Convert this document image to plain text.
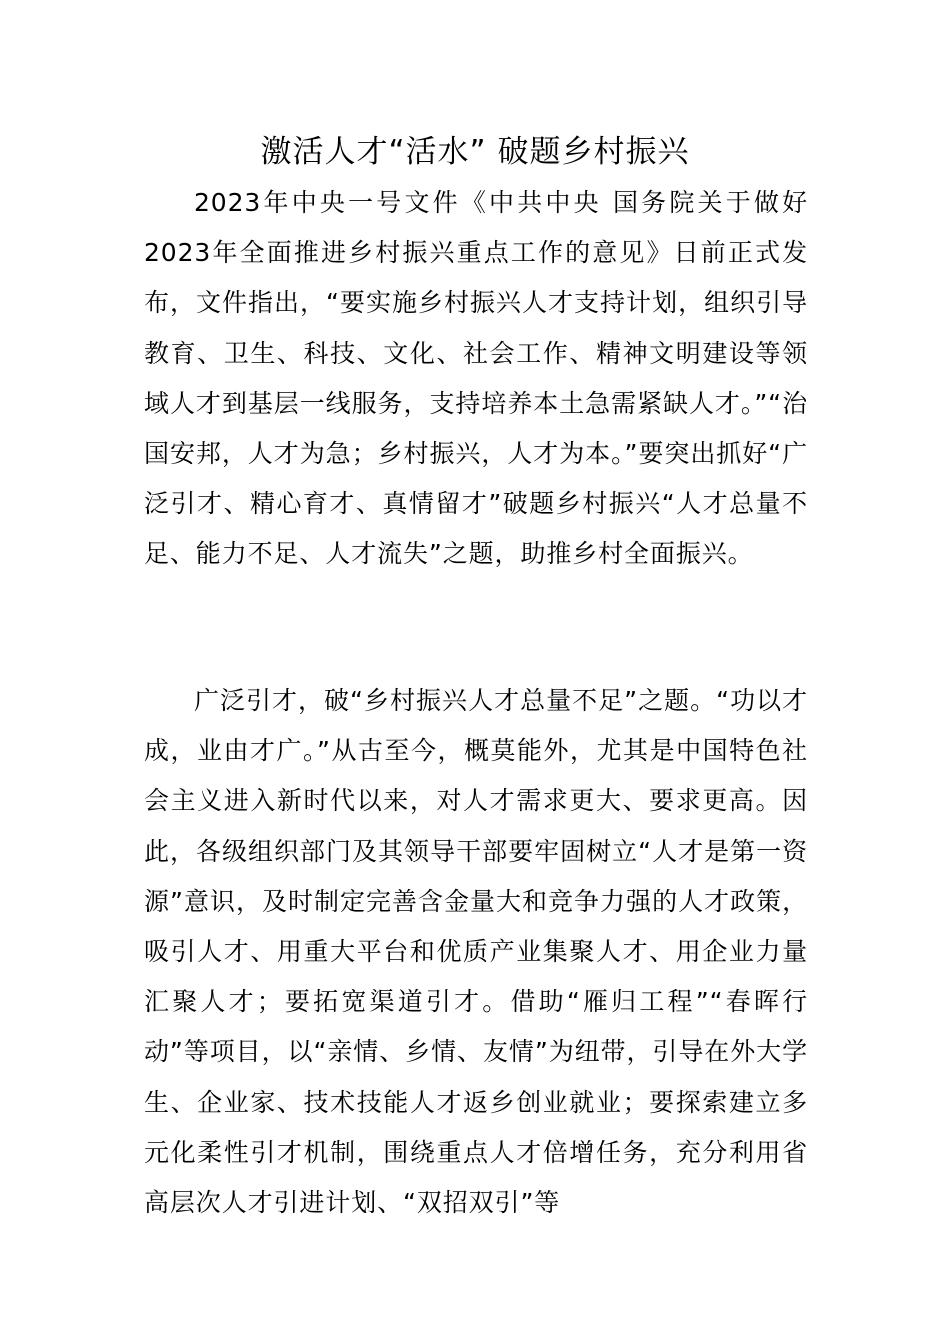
激活人才“活水” 破题乡村振兴

2023年中央一号文件《中共中央 国务院关于做好2023年全面推进乡村振兴重点工作的意见》日前正式发布，文件指出，“要实施乡村振兴人才支持计划，组织引导教育、卫生、科技、文化、社会工作、精神文明建设等领域人才到基层一线服务，支持培养本土急需紧缺人才。”“治国安邦，人才为急；乡村振兴，人才为本。”要突出抓好“广泛引才、精心育才、真情留才”破题乡村振兴“人才总量不足、能力不足、人才流失”之题，助推乡村全面振兴。

广泛引才，破“乡村振兴人才总量不足”之题。“功以才成，业由才广。”从古至今，概莫能外，尤其是中国特色社会主义进入新时代以来，对人才需求更大、要求更高。因此，各级组织部门及其领导干部要牢固树立“人才是第一资源”意识，及时制定完善含金量大和竞争力强的人才政策，吸引人才、用重大平台和优质产业集聚人才、用企业力量汇聚人才；要拓宽渠道引才。借助“雁归工程”“春晖行动”等项目，以“亲情、乡情、友情”为纽带，引导在外大学生、企业家、技术技能人才返乡创业就业；要探索建立多元化柔性引才机制，围绕重点人才倍增任务，充分利用省高层次人才引进计划、“双招双引”等
